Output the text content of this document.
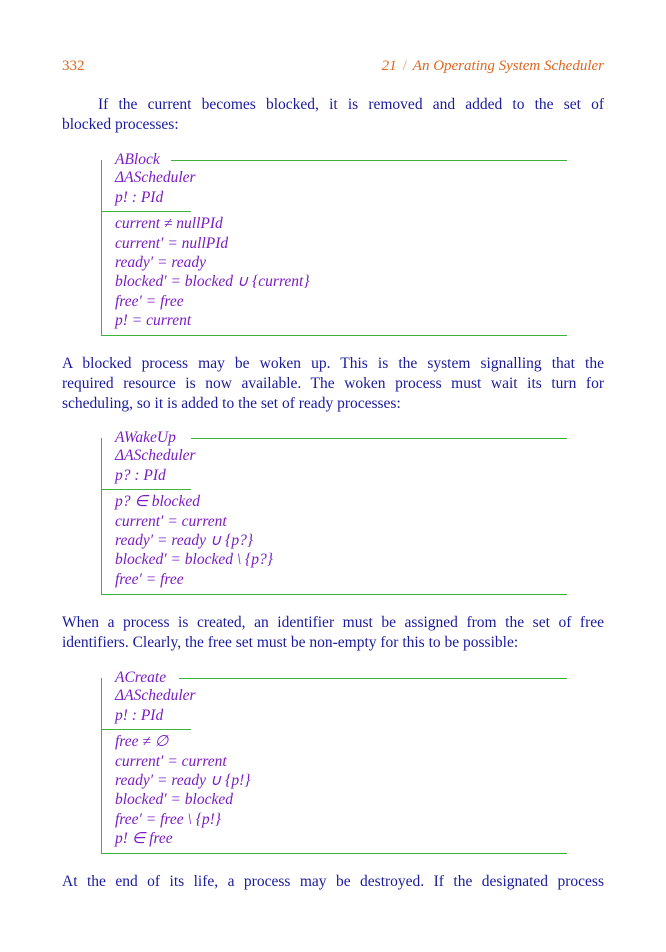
332	21 / An Operating System Scheduler
If the current becomes blocked, it is removed and added to the set of
blocked processes:
ABlock
ΔAScheduler
p! : PId
current ≠ nullPId
current′ = nullPId
ready′ = ready
blocked′ = blocked ∪ {current}
free′ = free
p! = current
A blocked process may be woken up. This is the system signalling that the
required resource is now available. The woken process must wait its turn for
scheduling, so it is added to the set of ready processes:
AWakeUp
ΔAScheduler
p? : PId
p? ∈ blocked
current′ = current
ready′ = ready ∪ {p?}
blocked′ = blocked \ {p?}
free′ = free
When a process is created, an identifier must be assigned from the set of free
identifiers. Clearly, the free set must be non-empty for this to be possible:
ACreate
ΔAScheduler
p! : PId
free ≠ ∅
current′ = current
ready′ = ready ∪ {p!}
blocked′ = blocked
free′ = free \ {p!}
p! ∈ free
At the end of its life, a process may be destroyed. If the designated process
